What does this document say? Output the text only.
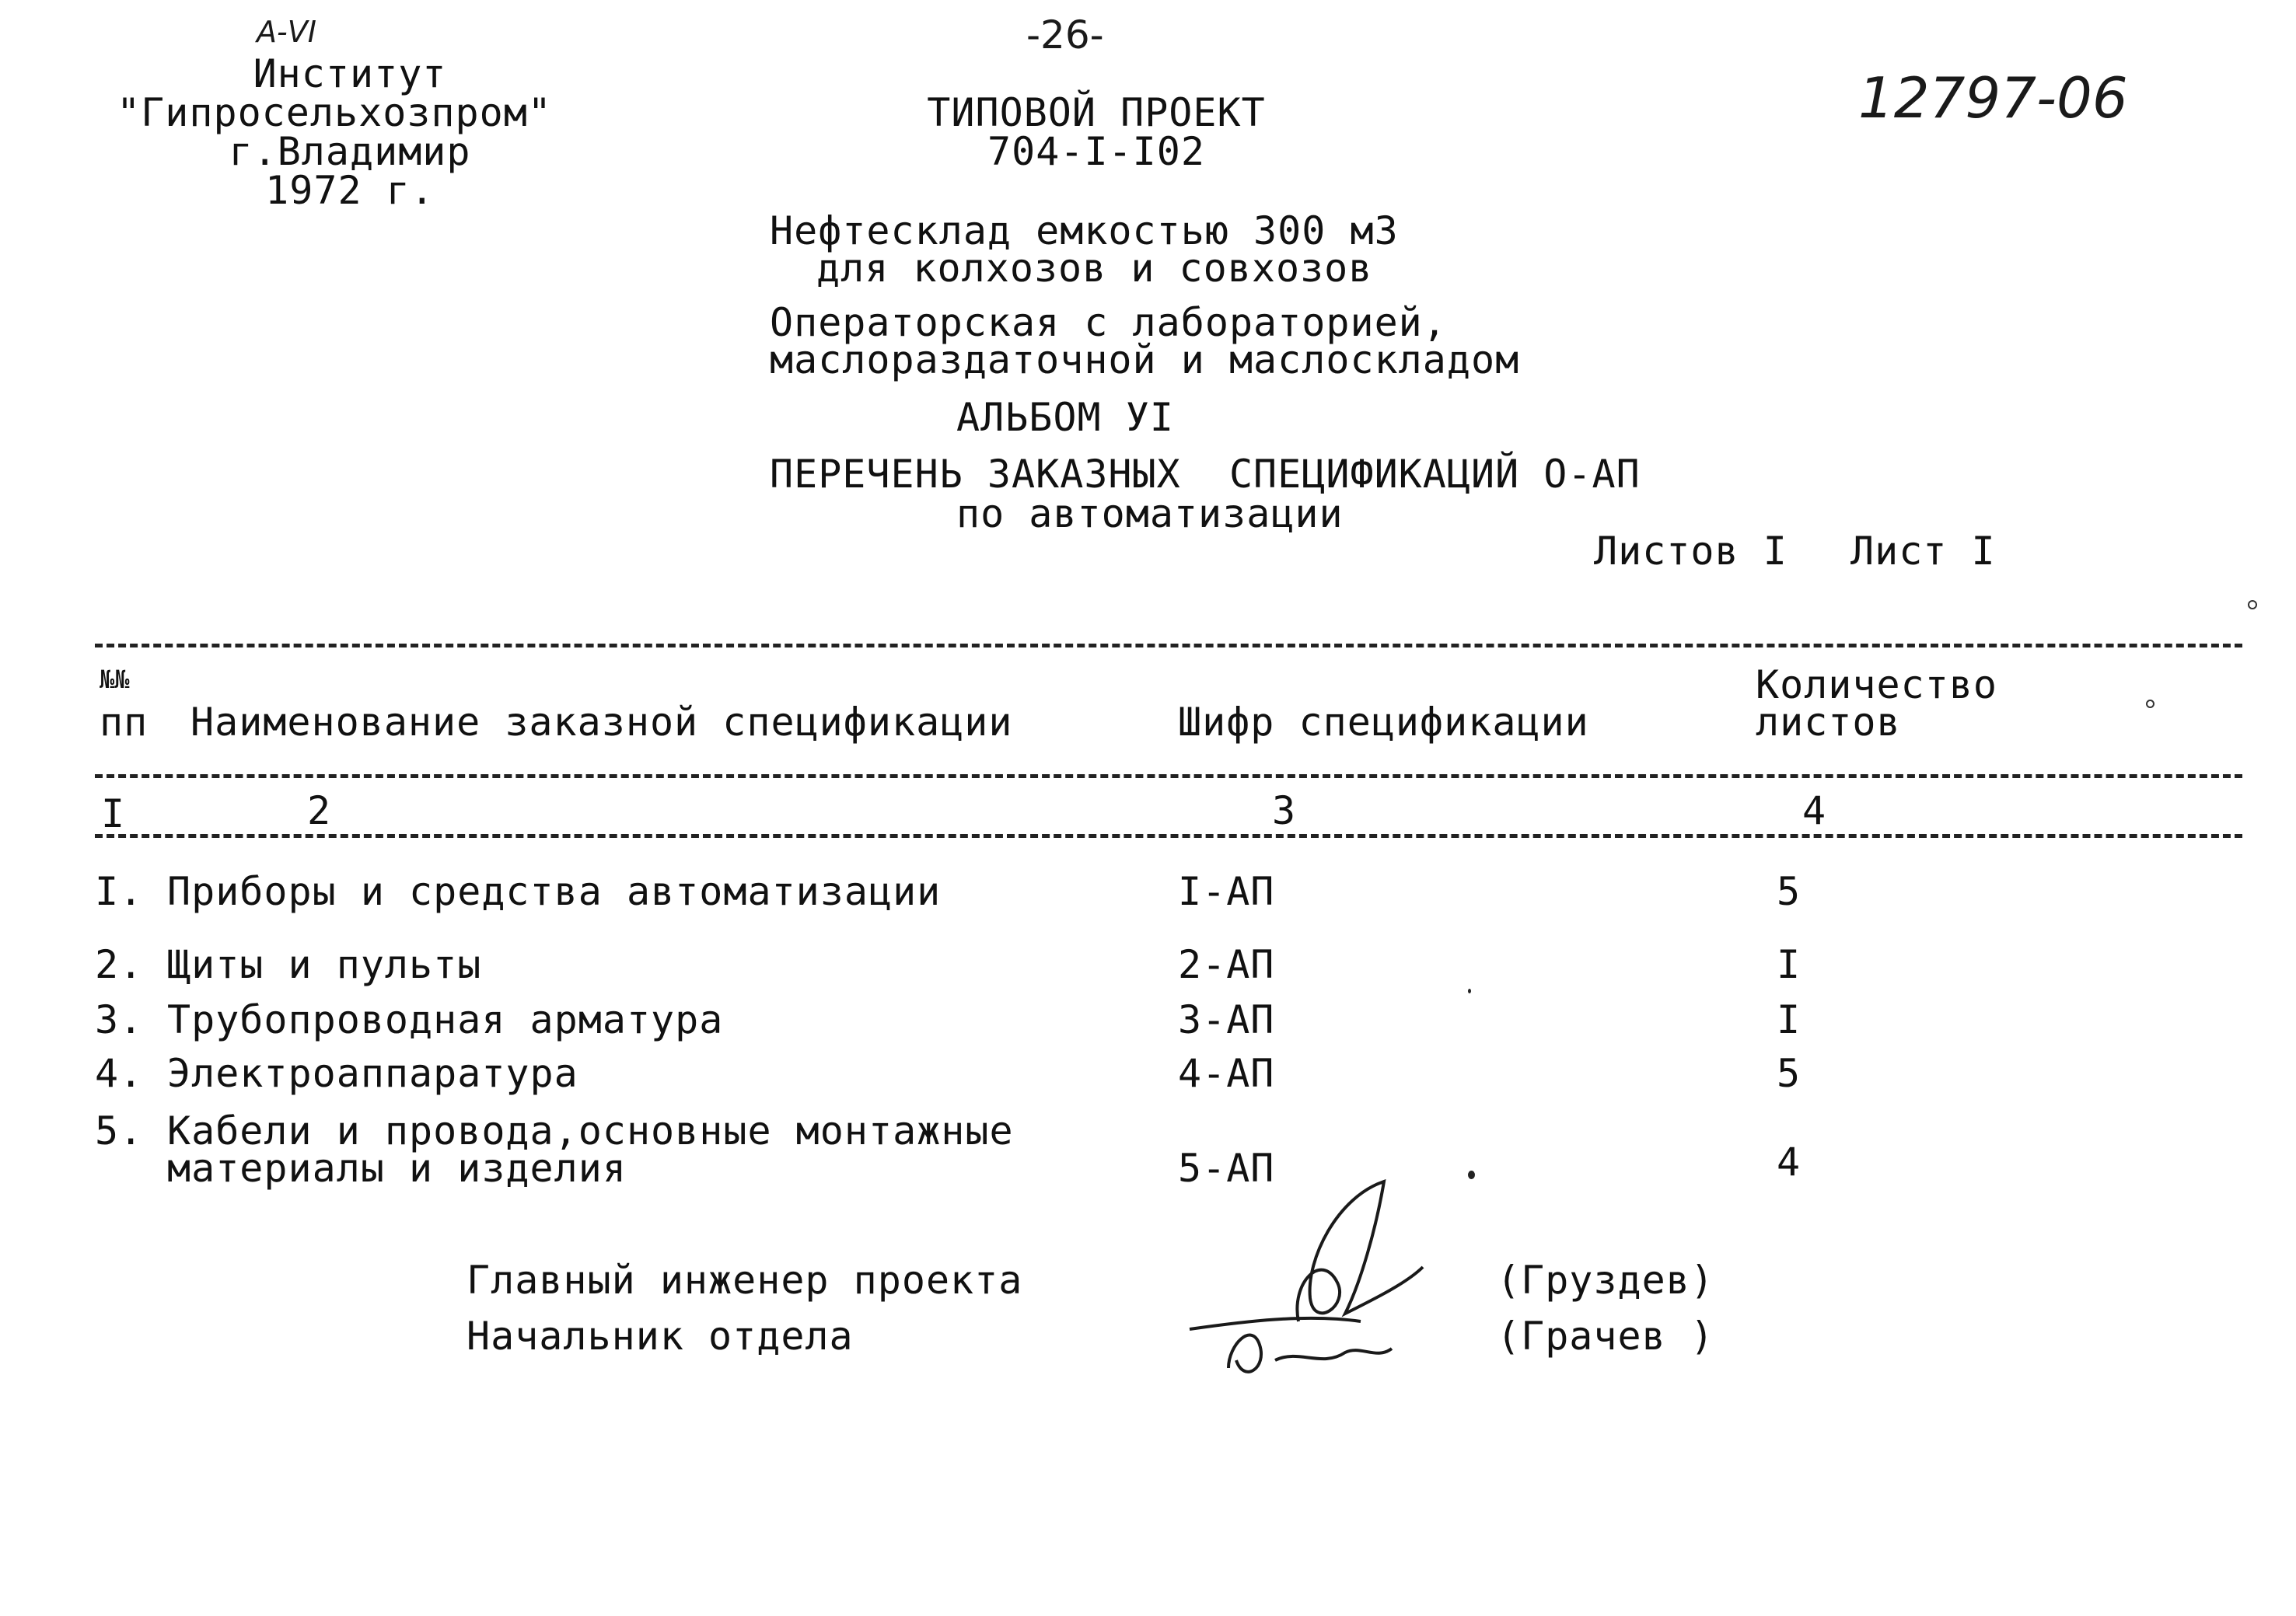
А-VI
Институт
"Гипросельхозпром"
г.Владимир
1972 г.
-26-
12797-06
ТИПОВОЙ ПРОЕКТ
704-I-I02
Нефтесклад емкостью 300 м3
для колхозов и совхозов
Операторская с лабораторией,
маслораздаточной и маслоскладом
АЛЬБОМ УI
ПЕРЕЧЕНЬ ЗАКАЗНЫХ  СПЕЦИФИКАЦИЙ О-АП
по автоматизации
Листов I Лист I
№№
пп Наименование заказной спецификации	Шифр спецификации
Количество
листов
I	2	3	4
I. Приборы и средства автоматизации	I-АП	5
2. Щиты и пульты	2-АП	I
3. Трубопроводная арматура	3-АП	I
4. Электроаппаратура	4-АП	5
5. Кабели и провода,основные монтажные
материалы и изделия	5-АП	4
Главный инженер проекта	(Груздев)
Начальник отдела	(Грачев )
